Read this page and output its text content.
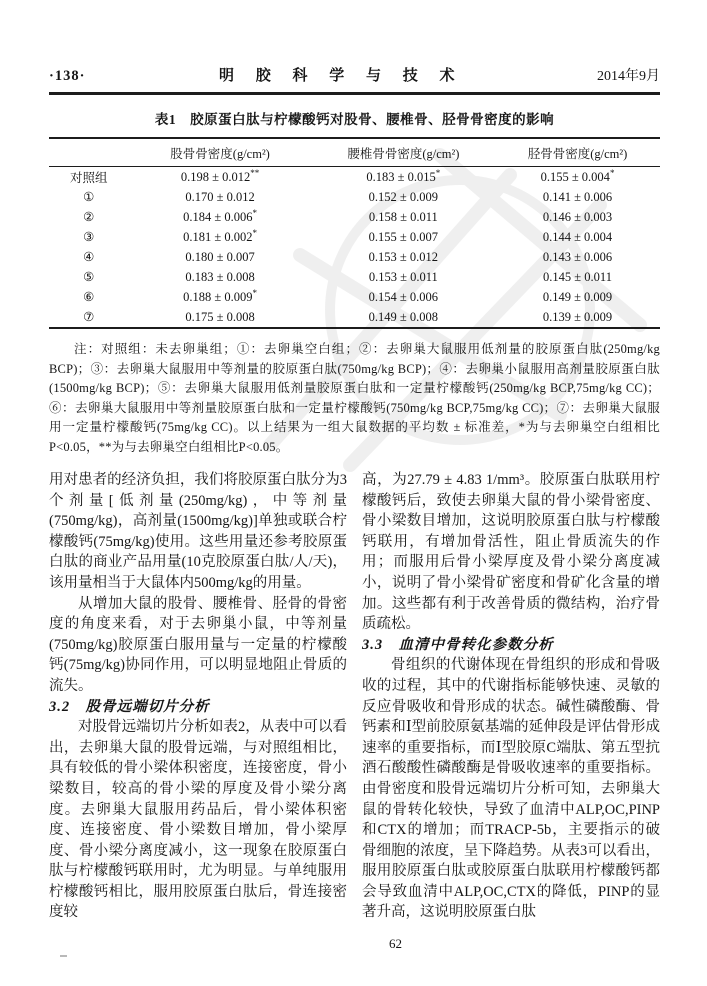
·138·	明 胶 科 学 与 技 术	2014年9月
表1　胶原蛋白肽与柠檬酸钙对股骨、腰椎骨、胫骨骨密度的影响
	股骨骨密度(g/cm²)	腰椎骨骨密度(g/cm²)	胫骨骨密度(g/cm²)
对照组	0.198 ± 0.012**	0.183 ± 0.015*	0.155 ± 0.004*
①	0.170 ± 0.012	0.152 ± 0.009	0.141 ± 0.006
②	0.184 ± 0.006*	0.158 ± 0.011	0.146 ± 0.003
③	0.181 ± 0.002*	0.155 ± 0.007	0.144 ± 0.004
④	0.180 ± 0.007	0.153 ± 0.012	0.143 ± 0.006
⑤	0.183 ± 0.008	0.153 ± 0.011	0.145 ± 0.011
⑥	0.188 ± 0.009*	0.154 ± 0.006	0.149 ± 0.009
⑦	0.175 ± 0.008	0.149 ± 0.008	0.139 ± 0.009

注：对照组：未去卵巢组；①：去卵巢空白组；②：去卵巢大鼠服用低剂量的胶原蛋白肽(250mg/kg BCP)；③：去卵巢大鼠服用中等剂量的胶原蛋白肽(750mg/kg BCP)；④：去卵巢小鼠服用高剂量胶原蛋白肽(1500mg/kg BCP)；⑤：去卵巢大鼠服用低剂量胶原蛋白肽和一定量柠檬酸钙(250mg/kg BCP,75mg/kg CC)；⑥：去卵巢大鼠服用中等剂量胶原蛋白肽和一定量柠檬酸钙(750mg/kg BCP,75mg/kg CC)；⑦：去卵巢大鼠服用一定量柠檬酸钙(75mg/kg CC)。以上结果为一组大鼠数据的平均数 ± 标准差，*为与去卵巢空白组相比P<0.05，**为与去卵巢空白组相比P<0.05。

用对患者的经济负担，我们将胶原蛋白肽分为3个剂量[低剂量(250mg/kg)，中等剂量(750mg/kg)，高剂量(1500mg/kg)]单独或联合柠檬酸钙(75mg/kg)使用。这些用量还参考胶原蛋白肽的商业产品用量(10克胶原蛋白肽/人/天)，该用量相当于大鼠体内500mg/kg的用量。

从增加大鼠的股骨、腰椎骨、胫骨的骨密度的角度来看，对于去卵巢小鼠，中等剂量(750mg/kg)胶原蛋白服用量与一定量的柠檬酸钙(75mg/kg)协同作用，可以明显地阻止骨质的流失。

3.2　股骨远端切片分析

对股骨远端切片分析如表2，从表中可以看出，去卵巢大鼠的股骨远端，与对照组相比，具有较低的骨小梁体积密度，连接密度，骨小梁数目，较高的骨小梁的厚度及骨小梁分离度。去卵巢大鼠服用药品后，骨小梁体积密度、连接密度、骨小梁数目增加，骨小梁厚度、骨小梁分离度减小，这一现象在胶原蛋白肽与柠檬酸钙联用时，尤为明显。与单纯服用柠檬酸钙相比，服用胶原蛋白肽后，骨连接密度较

高，为27.79 ± 4.83 1/mm³。胶原蛋白肽联用柠檬酸钙后，致使去卵巢大鼠的骨小梁骨密度、骨小梁数目增加，这说明胶原蛋白肽与柠檬酸钙联用，有增加骨活性，阻止骨质流失的作用；而服用后骨小梁厚度及骨小梁分离度减小，说明了骨小梁骨矿密度和骨矿化含量的增加。这些都有利于改善骨质的微结构，治疗骨质疏松。

3.3　血清中骨转化参数分析

骨组织的代谢体现在骨组织的形成和骨吸收的过程，其中的代谢指标能够快速、灵敏的反应骨吸收和骨形成的状态。碱性磷酸酶、骨钙素和Ⅰ型前胶原氨基端的延伸段是评估骨形成速率的重要指标，而Ⅰ型胶原C端肽、第五型抗酒石酸酸性磷酸酶是骨吸收速率的重要指标。由骨密度和股骨远端切片分析可知，去卵巢大鼠的骨转化较快，导致了血清中ALP,OC,PINP和CTX的增加；而TRACP-5b，主要指示的破骨细胞的浓度，呈下降趋势。从表3可以看出，服用胶原蛋白肽或胶原蛋白肽联用柠檬酸钙都会导致血清中ALP,OC,CTX的降低，PINP的显著升高，这说明胶原蛋白肽

62
